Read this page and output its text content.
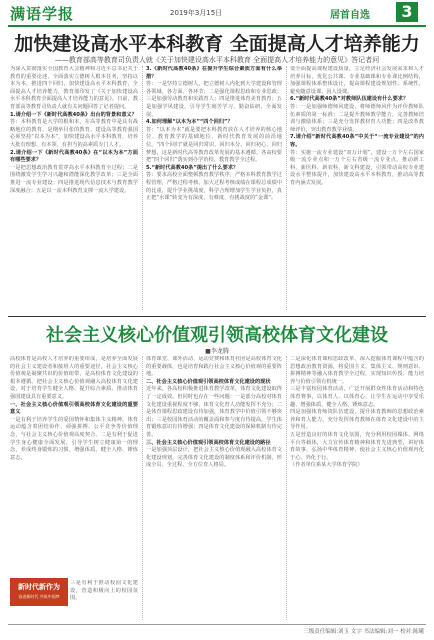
满语学报	2019年3月15日	居首自选	3
加快建设高水平本科教育 全面提高人才培养能力
——教育部高等教育司负责人就《关于加快建设高水平本科教育 全面提高人才培养能力的意见》答记者问

为深入贯彻落实全国教育大会精神和习近平总书记关于教育的重要论述，全面落实立德树人根本任务，坚持以本为本，推进四个回归，加快建设高水平本科教育，全面提高人才培养能力，教育部印发了《关于加快建设高水平本科教育全面提高人才培养能力的意见》。日前，教育部高等教育司负责人就有关问题回答了记者提问。

1.请介绍一下《新时代高教40条》出台的背景和意义？

答：本科教育是大学的根和本，在高等教育中是具有战略地位的教育、是纲举目张的教育。建设高等教育强国必须坚持“以本为本”，加快建设高水平本科教育，培养大批有理想、有本领、有担当的高素质专门人才。

2.请介绍一下《新时代高教40条》在“以本为本”方面有哪些要求？

一是把思想政治教育贯穿高水平本科教育全过程；二是围绕激发学生学习兴趣和潜能深化教学改革；三是全面推进一流专业建设；四是推进现代信息技术与教育教学深度融合；五是以一流本科教育支撑一流大学建设。

3.《新时代高教40条》在提升学生综合素质方面有什么举措？

答：一是坚持立德树人，把立德树人内化到大学建设和管理各领域、各方面、各环节；二是强化课程思政和专业思政；三是加强劳动教育和实践育人；四是推进体育美育教育；五是加强学风建设，引导学生刻苦学习、勤奋钻研、全面发展。

4.如何理解“以本为本”“四个回归”？

答：“以本为本”就是要把本科教育放在人才培养的核心地位、教育教学的基础地位、新时代教育发展的前沿地位。“四个回归”就是回归常识、回归本分、回归初心、回归梦想，这是新时代高等教育改革发展的基本遵循。各高校要把“四个回归”落实到办学治校、教育教学全过程。

5.“新时代高教40条”提出了什么要求？

答：要求高校全面整顿教育教学秩序，严格本科教育教学过程管理，严格过程考核，加大过程考核成绩在课程总成绩中的比重，提升学业挑战度，科学合理增加学生学业负担，真正把“水课”转变为有深度、有难度、有挑战度的“金课”。

要全面提高课程建设质量，立足经济社会发展需求和人才培养目标，优化公共课、专业基础课和专业课比例结构，加强课程体系整体设计，提高课程建设规划性、系统性，避免随意设课、因人设课。

6.“新时代高教40条”对教师队伍建设有什么要求？

答：一是加强师德师风建设，将师德师风作为评价教师队伍素质的第一标准；二是提升教师教学能力，完善教师培训与激励体系；三是充分发挥教材育人功能；四是改革教师评价，突出教育教学业绩。

7.请介绍“新时代高教40条”中关于“一流专业建设”的内容。

答：实施一流专业建设“双万计划”，建设一万个左右国家级一流专业点和一万个左右省级一流专业点。推动新工科、新医科、新农科、新文科建设，引领带动高校专业建设水平整体提升，加快建设高水平本科教育，推动高等教育内涵式发展。

社会主义核心价值观引领高校体育文化建设
■李龙腾

高校体育是高校人才培养的重要组成，是培养全面发展的社会主义建设者和接班人的重要途径。社会主义核心价值观是凝聚共识的价值纽带，是高校体育文化建设的根本遵循。把社会主义核心价值观融入高校体育文化建设，对于培育学生健全人格、提升综合素质、推动体育强国建设具有重要意义。

一、社会主义核心价值观引领高校体育文化建设的重要意义

一是有利于培养学生的爱国情怀和集体主义精神。体育运动蕴含着团结协作、顽强拼搏、公平竞争等价值理念，与社会主义核心价值观高度契合。二是有利于促进学生身心健康全面发展，引导学生树立健康第一的理念，养成终身锻炼的习惯，增强体质、健全人格、锤炼意志。

新时代新作为
奋进新时代 共筑中国梦

三是有利于推动校园文化建设，营造积极向上的校园氛围。

体育课堂、课外活动、运动竞赛和体育社团是高校体育文化的重要载体，也是培育和践行社会主义核心价值观的重要阵地。

二、社会主义核心价值观引领高校体育文化建设的现状

近年来，各高校积极推进体育教学改革，体育文化建设取得了一定成效。但同时也存在一些问题：一是部分高校对体育文化建设重视程度不够，体育文化育人功能发挥不充分；二是体育课程思政建设有待加强，体育教学中价值引领不够突出；三是校园体育活动的覆盖面和参与度有待提高，学生体育锻炼意识有待增强；四是体育文化建设的保障机制有待完善。

三、社会主义核心价值观引领高校体育文化建设的路径

一是加强顶层设计，把社会主义核心价值观融入高校体育文化建设规划，完善体育文化建设的制度体系和评价机制，形成全员、全过程、全方位育人格局。

二是深化体育课程思政改革，深入挖掘体育课程中蕴含的思想政治教育资源，将爱国主义、集体主义、规则意识、拼搏精神等融入体育教学全过程，实现知识传授、能力培养与价值引领有机统一。

三是丰富校园体育活动，广泛开展群众性体育活动和特色体育赛事，以体育人、以体育心，让学生在运动中享受乐趣、增强体质、健全人格、锤炼意志。

四是加强体育师资队伍建设，提升体育教师的思想政治素养和育人能力，充分发挥体育教师在体育文化建设中的主导作用。

五是营造良好的体育文化氛围，充分利用校园媒体、网络平台等载体，大力宣传体育精神和体育先进典型，讲好体育故事，弘扬中华体育精神，使社会主义核心价值观内化于心、外化于行。

（作者单位系某大学体育学院）

三级责任编辑:刘玉 文字 书法编辑:刘一 校对:陈曦
